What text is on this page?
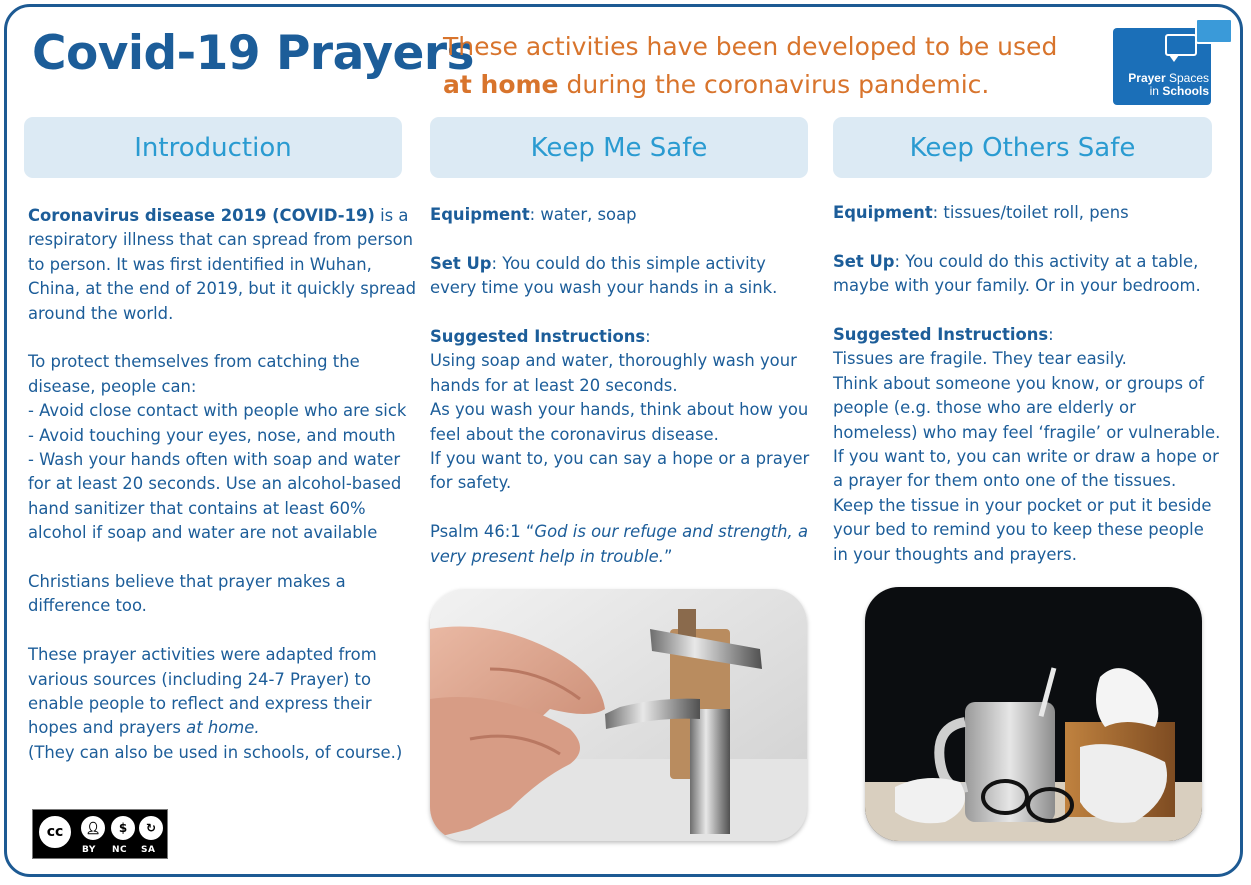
Covid-19 Prayers
These activities have been developed to be used
at home during the coronavirus pandemic.	Prayer Spaces
in Schools
Introduction	Keep Me Safe	Keep Others Safe

Coronavirus disease 2019 (COVID-19) is a respiratory illness that can spread from person to person. It was first identified in Wuhan, China, at the end of 2019, but it quickly spread around the world.

To protect themselves from catching the disease, people can:

- Avoid close contact with people who are sick

- Avoid touching your eyes, nose, and mouth

- Wash your hands often with soap and water for at least 20 seconds. Use an alcohol-based hand sanitizer that contains at least 60% alcohol if soap and water are not available

Christians believe that prayer makes a difference too.

These prayer activities were adapted from various sources (including 24-7 Prayer) to enable people to reflect and express their hopes and prayers at home.

(They can also be used in schools, of course.)

Equipment: water, soap

Set Up: You could do this simple activity every time you wash your hands in a sink.

Suggested Instructions:

Using soap and water, thoroughly wash your hands for at least 20 seconds.

As you wash your hands, think about how you feel about the coronavirus disease.

If you want to, you can say a hope or a prayer for safety.

Psalm 46:1 “God is our refuge and strength, a very present help in trouble.”

Equipment: tissues/toilet roll, pens

Set Up: You could do this activity at a table, maybe with your family. Or in your bedroom.

Suggested Instructions:

Tissues are fragile. They tear easily.

Think about someone you know, or groups of people (e.g. those who are elderly or homeless) who may feel ‘fragile’ or vulnerable.

If you want to, you can write or draw a hope or a prayer for them onto one of the tissues.

Keep the tissue in your pocket or put it beside your bed to remind you to keep these people in your thoughts and prayers.

cc	👤︎	$	↻
BY NC SA
